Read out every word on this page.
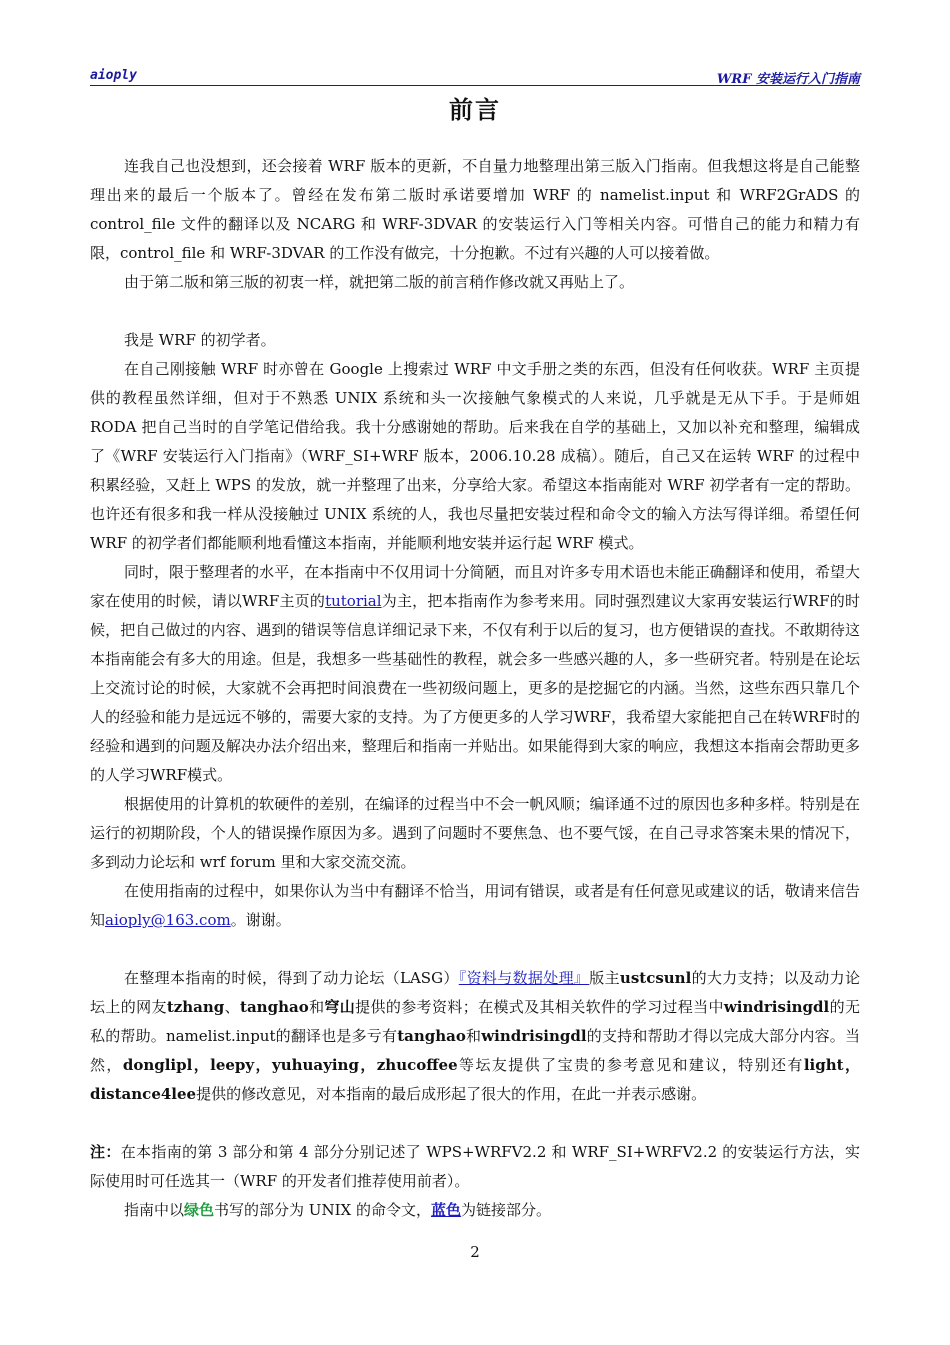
aioply	WRF 安装运行入门指南
前言

连我自己也没想到，还会接着 WRF 版本的更新，不自量力地整理出第三版入门指南。但我想这将是自己能整理出来的最后一个版本了。曾经在发布第二版时承诺要增加 WRF 的 namelist.input 和 WRF2GrADS 的 control_file 文件的翻译以及 NCARG 和 WRF-3DVAR 的安装运行入门等相关内容。可惜自己的能力和精力有限，control_file 和 WRF-3DVAR 的工作没有做完，十分抱歉。不过有兴趣的人可以接着做。

由于第二版和第三版的初衷一样，就把第二版的前言稍作修改就又再贴上了。

我是 WRF 的初学者。

在自己刚接触 WRF 时亦曾在 Google 上搜索过 WRF 中文手册之类的东西，但没有任何收获。WRF 主页提供的教程虽然详细，但对于不熟悉 UNIX 系统和头一次接触气象模式的人来说，几乎就是无从下手。于是师姐 RODA 把自己当时的自学笔记借给我。我十分感谢她的帮助。后来我在自学的基础上，又加以补充和整理，编辑成了《WRF 安装运行入门指南》（WRF_SI+WRF 版本，2006.10.28 成稿）。随后，自己又在运转 WRF 的过程中积累经验，又赶上 WPS 的发放，就一并整理了出来，分享给大家。希望这本指南能对 WRF 初学者有一定的帮助。也许还有很多和我一样从没接触过 UNIX 系统的人，我也尽量把安装过程和命令文的输入方法写得详细。希望任何 WRF 的初学者们都能顺利地看懂这本指南，并能顺利地安装并运行起 WRF 模式。

同时，限于整理者的水平，在本指南中不仅用词十分简陋，而且对许多专用术语也未能正确翻译和使用，希望大家在使用的时候，请以WRF主页的tutorial为主，把本指南作为参考来用。同时强烈建议大家再安装运行WRF的时候，把自己做过的内容、遇到的错误等信息详细记录下来，不仅有利于以后的复习，也方便错误的查找。不敢期待这本指南能会有多大的用途。但是，我想多一些基础性的教程，就会多一些感兴趣的人，多一些研究者。特别是在论坛上交流讨论的时候，大家就不会再把时间浪费在一些初级问题上，更多的是挖掘它的内涵。当然，这些东西只靠几个人的经验和能力是远远不够的，需要大家的支持。为了方便更多的人学习WRF，我希望大家能把自己在转WRF时的经验和遇到的问题及解决办法介绍出来，整理后和指南一并贴出。如果能得到大家的响应，我想这本指南会帮助更多的人学习WRF模式。

根据使用的计算机的软硬件的差别，在编译的过程当中不会一帆风顺；编译通不过的原因也多种多样。特别是在运行的初期阶段，个人的错误操作原因为多。遇到了问题时不要焦急、也不要气馁，在自己寻求答案未果的情况下，多到动力论坛和 wrf forum 里和大家交流交流。

在使用指南的过程中，如果你认为当中有翻译不恰当，用词有错误，或者是有任何意见或建议的话，敬请来信告知aioply@163.com。谢谢。

在整理本指南的时候，得到了动力论坛（LASG）『资料与数据处理』版主ustcsunl的大力支持；以及动力论坛上的网友tzhang、tanghao和穹山提供的参考资料；在模式及其相关软件的学习过程当中windrisingdl的无私的帮助。namelist.input的翻译也是多亏有tanghao和windrisingdl的支持和帮助才得以完成大部分内容。当然，donglipl，leepy，yuhuaying，zhucoffee等坛友提供了宝贵的参考意见和建议，特别还有light，distance4lee提供的修改意见，对本指南的最后成形起了很大的作用，在此一并表示感谢。

注：在本指南的第 3 部分和第 4 部分分别记述了 WPS+WRFV2.2 和 WRF_SI+WRFV2.2 的安装运行方法，实际使用时可任选其一（WRF 的开发者们推荐使用前者）。

指南中以绿色书写的部分为 UNIX 的命令文，蓝色为链接部分。

2
